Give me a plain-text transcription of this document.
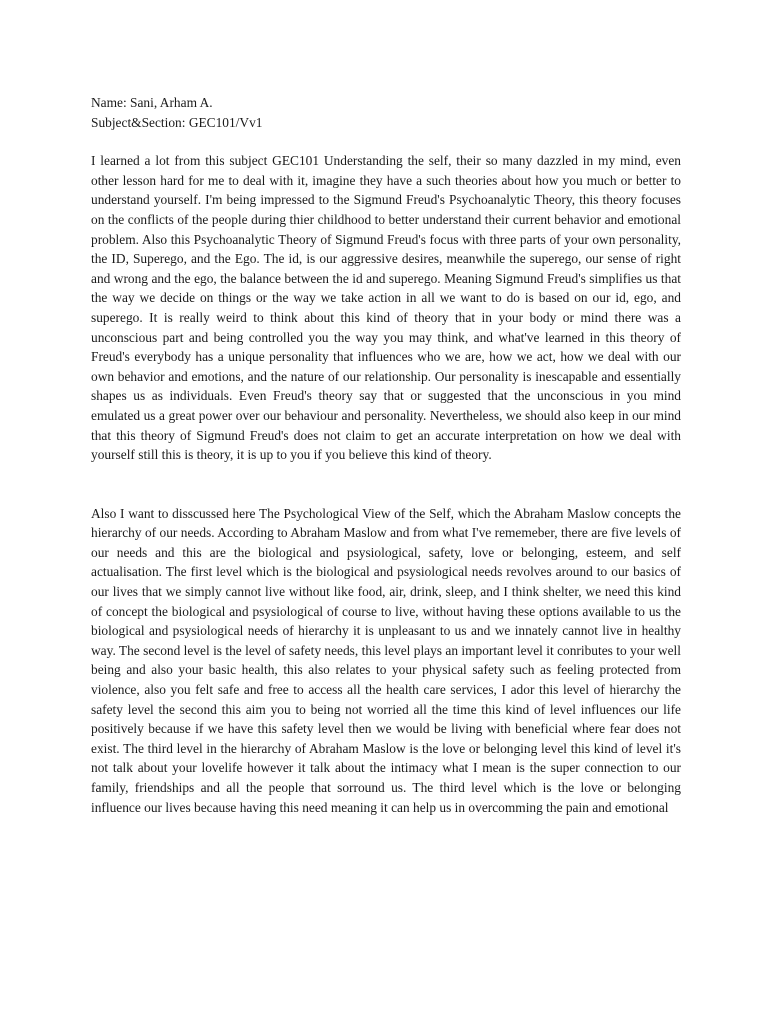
Name: Sani, Arham A.

Subject&Section: GEC101/Vv1

I learned a lot from this subject GEC101 Understanding the self, their so many dazzled in my mind, even other lesson hard for me to deal with it, imagine they have a such theories about how you much or better to understand yourself. I'm being impressed to the Sigmund Freud's Psychoanalytic Theory, this theory focuses on the conflicts of the people during thier childhood to better understand their current behavior and emotional problem. Also this Psychoanalytic Theory of Sigmund Freud's focus with three parts of your own personality, the ID, Superego, and the Ego. The id, is our aggressive desires, meanwhile the superego, our sense of right and wrong and the ego, the balance between the id and superego. Meaning Sigmund Freud's simplifies us that the way we decide on things or the way we take action in all we want to do is based on our id, ego, and superego. It is really weird to think about this kind of theory that in your body or mind there was a unconscious part and being controlled you the way you may think, and what've learned in this theory of Freud's everybody has a unique personality that influences who we are, how we act, how we deal with our own behavior and emotions, and the nature of our relationship. Our personality is inescapable and essentially shapes us as individuals. Even Freud's theory say that or suggested that the unconscious in you mind emulated us a great power over our behaviour and personality. Nevertheless, we should also keep in our mind that this theory of Sigmund Freud's does not claim to get an accurate interpretation on how we deal with yourself still this is theory, it is up to you if you believe this kind of theory.

Also I want to disscussed here The Psychological View of the Self, which the Abraham Maslow concepts the hierarchy of our needs. According to Abraham Maslow and from what I've rememeber, there are five levels of our needs and this are the biological and psysiological, safety, love or belonging, esteem, and self actualisation. The first level which is the biological and psysiological needs revolves around to our basics of our lives that we simply cannot live without like food, air, drink, sleep, and I think shelter, we need this kind of concept the biological and psysiological of course to live, without having these options available to us the biological and psysiological needs of hierarchy it is unpleasant to us and we innately cannot live in healthy way. The second level is the level of safety needs, this level plays an important level it conributes to your well being and also your basic health, this also relates to your physical safety such as feeling protected from violence, also you felt safe and free to access all the health care services, I ador this level of hierarchy the safety level the second this aim you to being not worried all the time this kind of level influences our life positively because if we have this safety level then we would be living with beneficial where fear does not exist. The third level in the hierarchy of Abraham Maslow is the love or belonging level this kind of level it's not talk about your lovelife however it talk about the intimacy what I mean is the super connection to our family, friendships and all the people that sorround us. The third level which is the love or belonging influence our lives because having this need meaning it can help us in overcomming the pain and emotional
